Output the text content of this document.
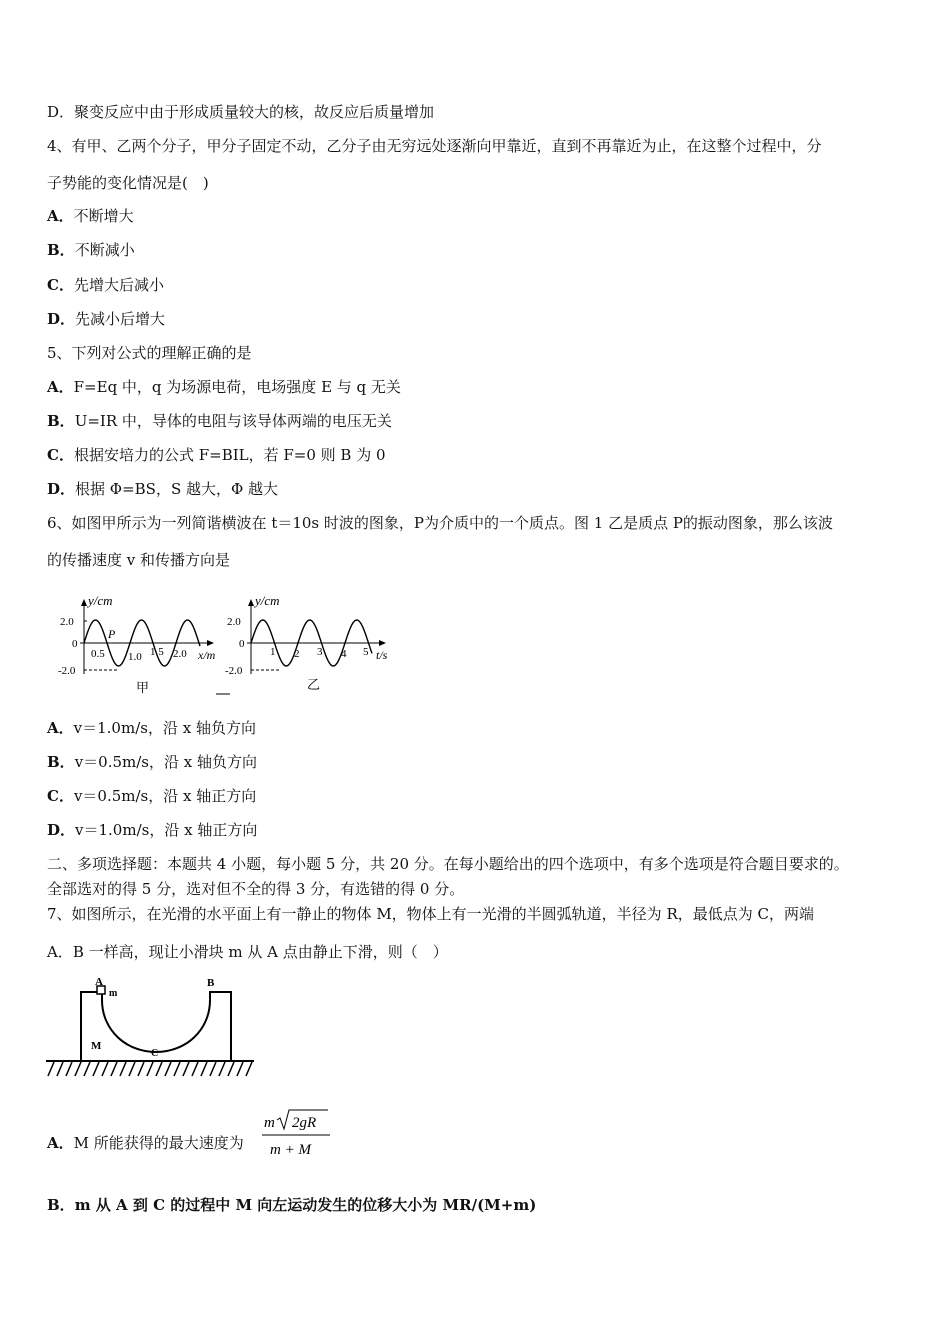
D．聚变反应中由于形成质量较大的核，故反应后质量增加
4、有甲、乙两个分子，甲分子固定不动，乙分子由无穷远处逐渐向甲靠近，直到不再靠近为止，在这整个过程中，分
子势能的变化情况是(　)
A．不断增大
B．不断减小
C．先增大后减小
D．先减小后增大
5、下列对公式的理解正确的是
A．F=Eq 中，q 为场源电荷，电场强度 E 与 q 无关
B．U=IR 中，导体的电阻与该导体两端的电压无关
C．根据安培力的公式 F=BIL，若 F=0 则 B 为 0
D．根据 Φ=BS，S 越大，Φ 越大
6、如图甲所示为一列简谐横波在 t＝10s 时波的图象，P为介质中的一个质点。图 1 乙是质点 P的振动图象，那么该波
的传播速度 v 和传播方向是
y/cm
2.0
0
-2.0
P
0.5 1.0 1.5 2.0 x/m
甲
y/cm
2.0
0
-2.0
1 2 3 4 5 t/s
乙
A．v＝1.0m/s，沿 x 轴负方向
B．v＝0.5m/s，沿 x 轴负方向
C．v＝0.5m/s，沿 x 轴正方向
D．v＝1.0m/s，沿 x 轴正方向
二、多项选择题：本题共 4 小题，每小题 5 分，共 20 分。在每小题给出的四个选项中，有多个选项是符合题目要求的。
全部选对的得 5 分，选对但不全的得 3 分，有选错的得 0 分。
7、如图所示，在光滑的水平面上有一静止的物体 M，物体上有一光滑的半圆弧轨道，半径为 R，最低点为 C，两端
A．B 一样高，现让小滑块 m 从 A 点由静止下滑，则（　）
A
m
B
M
C
A．M 所能获得的最大速度为
m 2gR
m + M
B．m 从 A 到 C 的过程中 M 向左运动发生的位移大小为 MR/(M+m)
